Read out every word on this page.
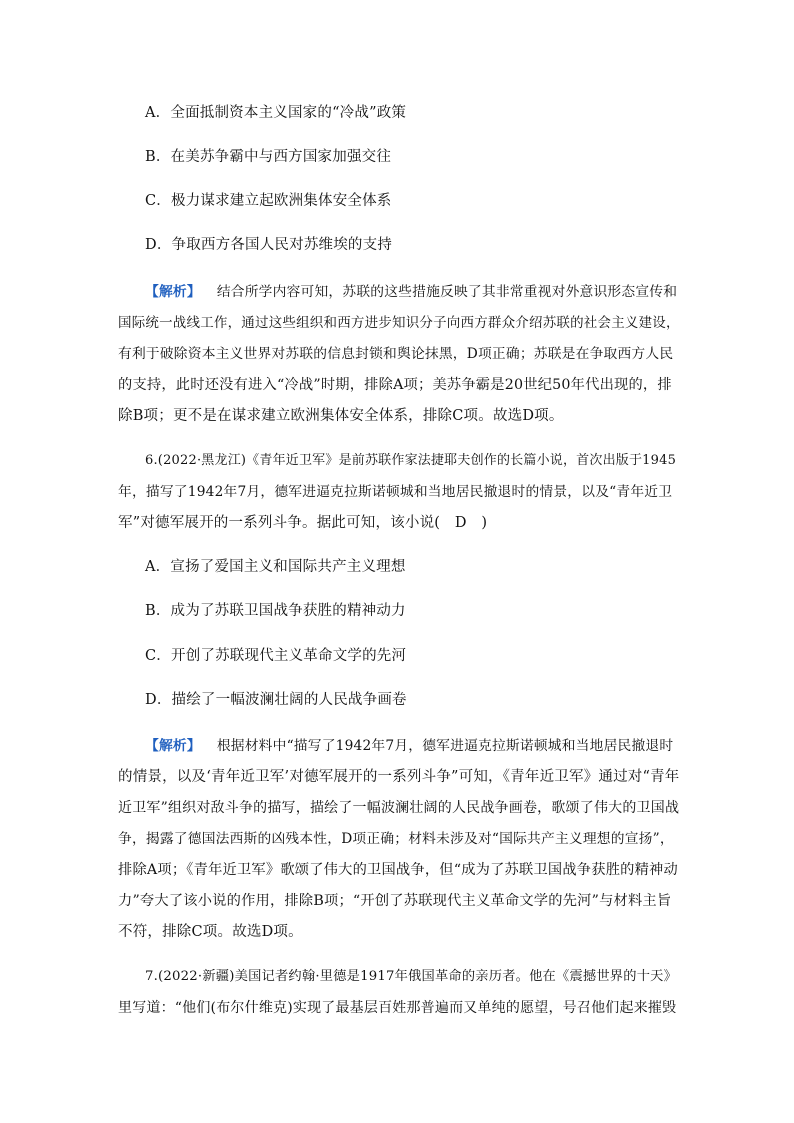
A．全面抵制资本主义国家的“冷战”政策
B．在美苏争霸中与西方国家加强交往
C．极力谋求建立起欧洲集体安全体系
D．争取西方各国人民对苏维埃的支持
【解析】 结合所学内容可知，苏联的这些措施反映了其非常重视对外意识形态宣传和
国际统一战线工作，通过这些组织和西方进步知识分子向西方群众介绍苏联的社会主义建设，
有利于破除资本主义世界对苏联的信息封锁和舆论抹黑，D项正确；苏联是在争取西方人民
的支持，此时还没有进入“冷战”时期，排除A项；美苏争霸是20世纪50年代出现的，排
除B项；更不是在谋求建立欧洲集体安全体系，排除C项。故选D项。
6.(2022·黑龙江)《青年近卫军》是前苏联作家法捷耶夫创作的长篇小说，首次出版于1945
年，描写了1942年7月，德军进逼克拉斯诺顿城和当地居民撤退时的情景，以及“青年近卫
军”对德军展开的一系列斗争。据此可知，该小说(　D　)
A．宣扬了爱国主义和国际共产主义理想
B．成为了苏联卫国战争获胜的精神动力
C．开创了苏联现代主义革命文学的先河
D．描绘了一幅波澜壮阔的人民战争画卷
【解析】 根据材料中“描写了1942年7月，德军进逼克拉斯诺顿城和当地居民撤退时
的情景，以及‘青年近卫军’对德军展开的一系列斗争”可知，《青年近卫军》通过对“青年
近卫军”组织对敌斗争的描写，描绘了一幅波澜壮阔的人民战争画卷，歌颂了伟大的卫国战
争，揭露了德国法西斯的凶残本性，D项正确；材料未涉及对“国际共产主义理想的宣扬”，
排除A项；《青年近卫军》歌颂了伟大的卫国战争，但“成为了苏联卫国战争获胜的精神动
力”夸大了该小说的作用，排除B项；“开创了苏联现代主义革命文学的先河”与材料主旨
不符，排除C项。故选D项。
7.(2022·新疆)美国记者约翰·里德是1917年俄国革命的亲历者。他在《震撼世界的十天》
里写道：“他们(布尔什维克)实现了最基层百姓那普遍而又单纯的愿望，号召他们起来摧毁
